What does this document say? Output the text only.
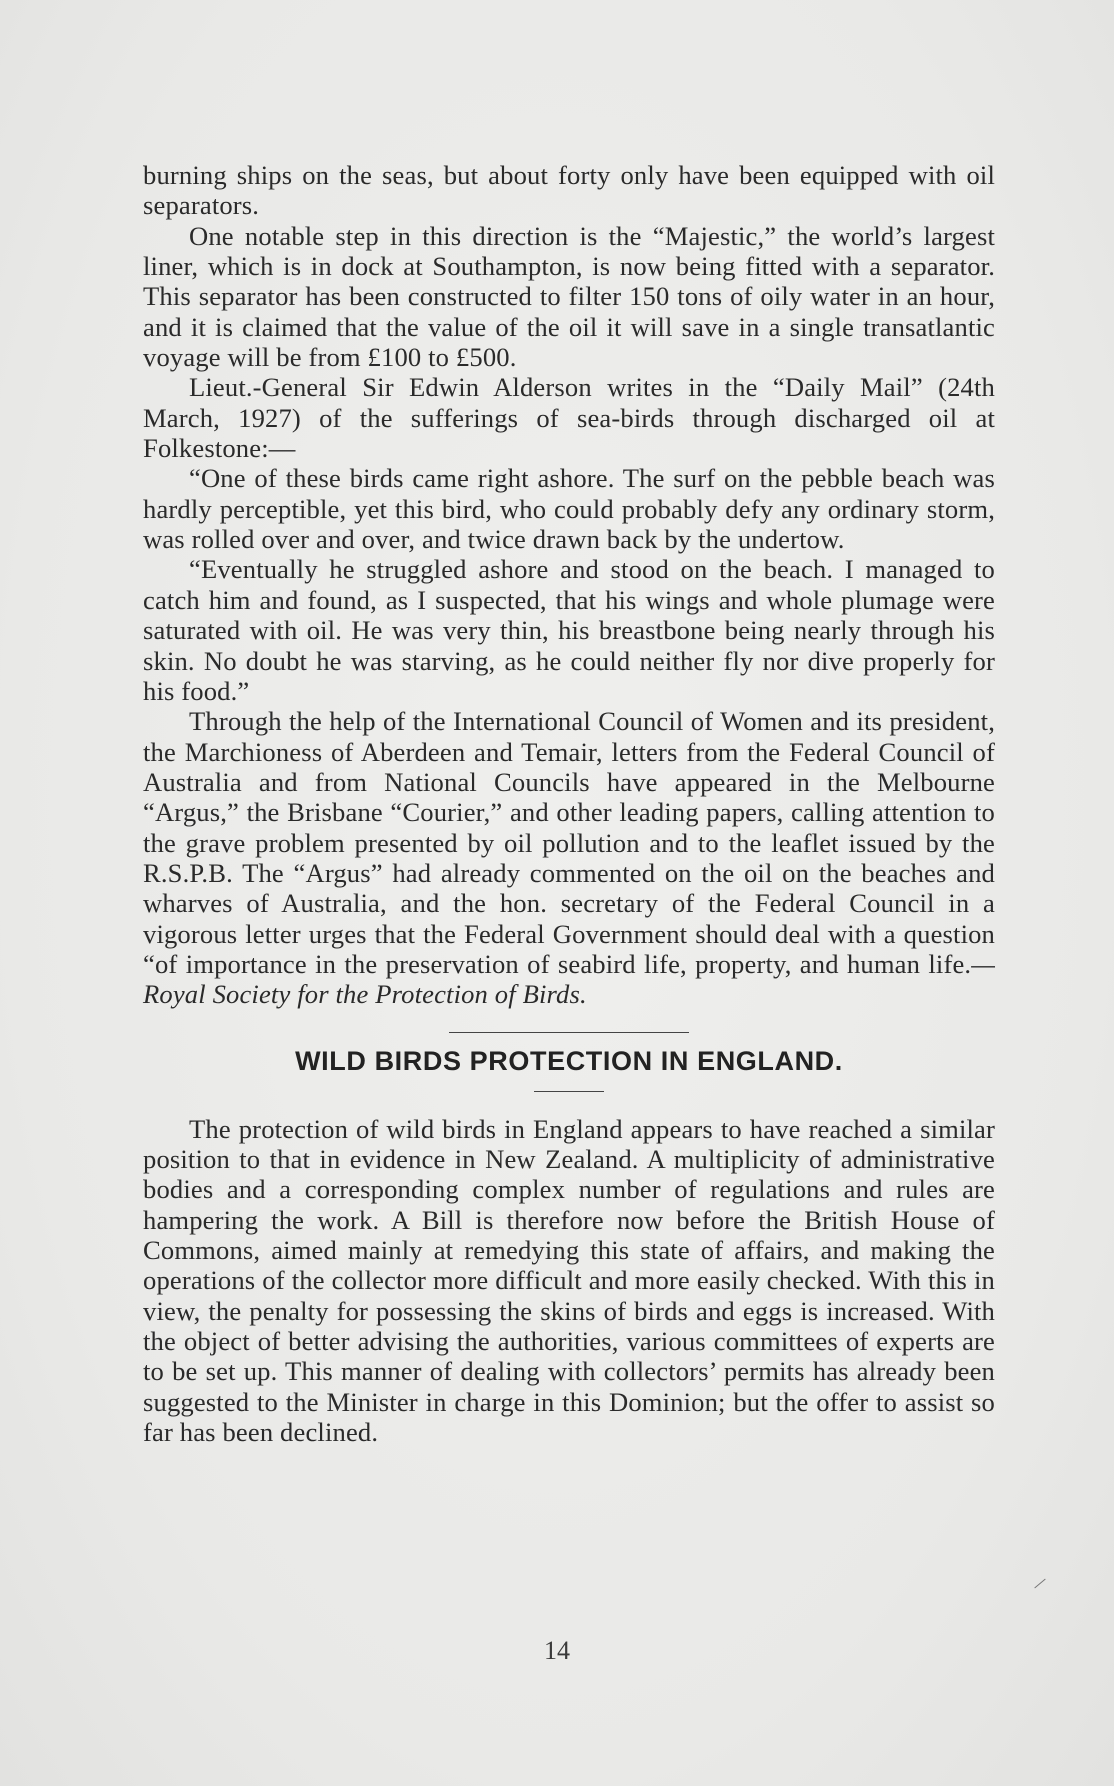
burning ships on the seas, but about forty only have been equipped with oil separators.

One notable step in this direction is the “Majestic,” the world’s largest liner, which is in dock at Southampton, is now being fitted with a separator. This separator has been constructed to filter 150 tons of oily water in an hour, and it is claimed that the value of the oil it will save in a single transatlantic voyage will be from £100 to £500.

Lieut.-General Sir Edwin Alderson writes in the “Daily Mail” (24th March, 1927) of the sufferings of sea-birds through discharged oil at Folkestone:—

“One of these birds came right ashore. The surf on the pebble beach was hardly perceptible, yet this bird, who could probably defy any ordinary storm, was rolled over and over, and twice drawn back by the undertow.

“Eventually he struggled ashore and stood on the beach. I managed to catch him and found, as I suspected, that his wings and whole plumage were saturated with oil. He was very thin, his breastbone being nearly through his skin. No doubt he was starving, as he could neither fly nor dive properly for his food.”

Through the help of the International Council of Women and its president, the Marchioness of Aberdeen and Temair, letters from the Federal Council of Australia and from National Councils have appeared in the Melbourne “Argus,” the Brisbane “Courier,” and other leading papers, calling attention to the grave problem presented by oil pollution and to the leaflet issued by the R.S.P.B. The “Argus” had already commented on the oil on the beaches and wharves of Australia, and the hon. secretary of the Federal Council in a vigorous letter urges that the Federal Government should deal with a question “of importance in the preservation of seabird life, property, and human life.—Royal Society for the Protection of Birds.

WILD BIRDS PROTECTION IN ENGLAND.

The protection of wild birds in England appears to have reached a similar position to that in evidence in New Zealand. A multiplicity of administrative bodies and a corresponding complex number of regulations and rules are hampering the work. A Bill is therefore now before the British House of Commons, aimed mainly at remedying this state of affairs, and making the operations of the collector more difficult and more easily checked. With this in view, the penalty for possessing the skins of birds and eggs is increased. With the object of better advising the authorities, various committees of experts are to be set up. This manner of dealing with collectors’ permits has already been suggested to the Minister in charge in this Dominion; but the offer to assist so far has been declined.

14
